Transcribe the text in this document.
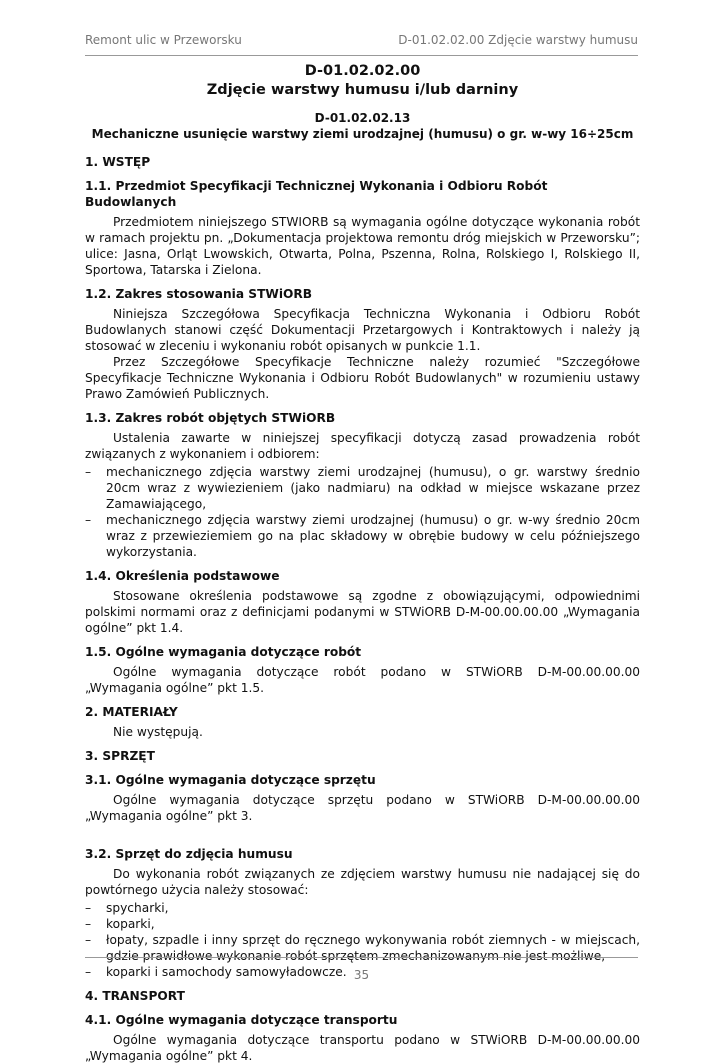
Remont ulic w Przeworsku	D-01.02.02.00 Zdjęcie warstwy humusu

D-01.02.02.00

Zdjęcie warstwy humusu i/lub darniny

D-01.02.02.13
Mechaniczne usunięcie warstwy ziemi urodzajnej (humusu) o gr. w-wy 16÷25cm

1. WSTĘP
1.1. Przedmiot Specyfikacji Technicznej Wykonania i Odbioru Robót Budowlanych

Przedmiotem niniejszego STWIORB są wymagania ogólne dotyczące wykonania robót w ramach projektu pn. „Dokumentacja projektowa remontu dróg miejskich w Przeworsku”; ulice: Jasna, Orląt Lwowskich, Otwarta, Polna, Pszenna, Rolna, Rolskiego I, Rolskiego II, Sportowa, Tatarska i Zielona.

1.2. Zakres stosowania STWiORB

Niniejsza Szczegółowa Specyfikacja Techniczna Wykonania i Odbioru Robót Budowlanych stanowi część Dokumentacji Przetargowych i Kontraktowych i należy ją stosować w zleceniu i wykonaniu robót opisanych w punkcie 1.1.

Przez Szczegółowe Specyfikacje Techniczne należy rozumieć "Szczegółowe Specyfikacje Techniczne Wykonania i Odbioru Robót Budowlanych" w rozumieniu ustawy Prawo Zamówień Publicznych.

1.3. Zakres robót objętych STWiORB

Ustalenia zawarte w niniejszej specyfikacji dotyczą zasad prowadzenia robót związanych z wykonaniem i odbiorem:

– mechanicznego zdjęcia warstwy ziemi urodzajnej (humusu), o gr. warstwy średnio 20cm wraz z wywiezieniem (jako nadmiaru) na odkład w miejsce wskazane przez Zamawiającego,
– mechanicznego zdjęcia warstwy ziemi urodzajnej (humusu) o gr. w-wy średnio 20cm wraz z przewieziemiem go na plac składowy w obrębie budowy w celu późniejszego wykorzystania.
1.4. Określenia podstawowe

Stosowane określenia podstawowe są zgodne z obowiązującymi, odpowiednimi polskimi normami oraz z definicjami podanymi w STWiORB D-M-00.00.00.00 „Wymagania ogólne” pkt 1.4.

1.5. Ogólne wymagania dotyczące robót

Ogólne wymagania dotyczące robót podano w STWiORB D-M-00.00.00.00 „Wymagania ogólne” pkt 1.5.

2. MATERIAŁY

Nie występują.

3. SPRZĘT
3.1. Ogólne wymagania dotyczące sprzętu

Ogólne wymagania dotyczące sprzętu podano w STWiORB D-M-00.00.00.00 „Wymagania ogólne” pkt 3.

3.2. Sprzęt do zdjęcia humusu

Do wykonania robót związanych ze zdjęciem warstwy humusu nie nadającej się do powtórnego użycia należy stosować:

– spycharki,
– koparki,
– łopaty, szpadle i inny sprzęt do ręcznego wykonywania robót ziemnych - w miejscach, gdzie prawidłowe wykonanie robót sprzętem zmechanizowanym nie jest możliwe,
– koparki i samochody samowyładowcze.
4. TRANSPORT
4.1. Ogólne wymagania dotyczące transportu

Ogólne wymagania dotyczące transportu podano w STWiORB D-M-00.00.00.00 „Wymagania ogólne” pkt 4.

35
